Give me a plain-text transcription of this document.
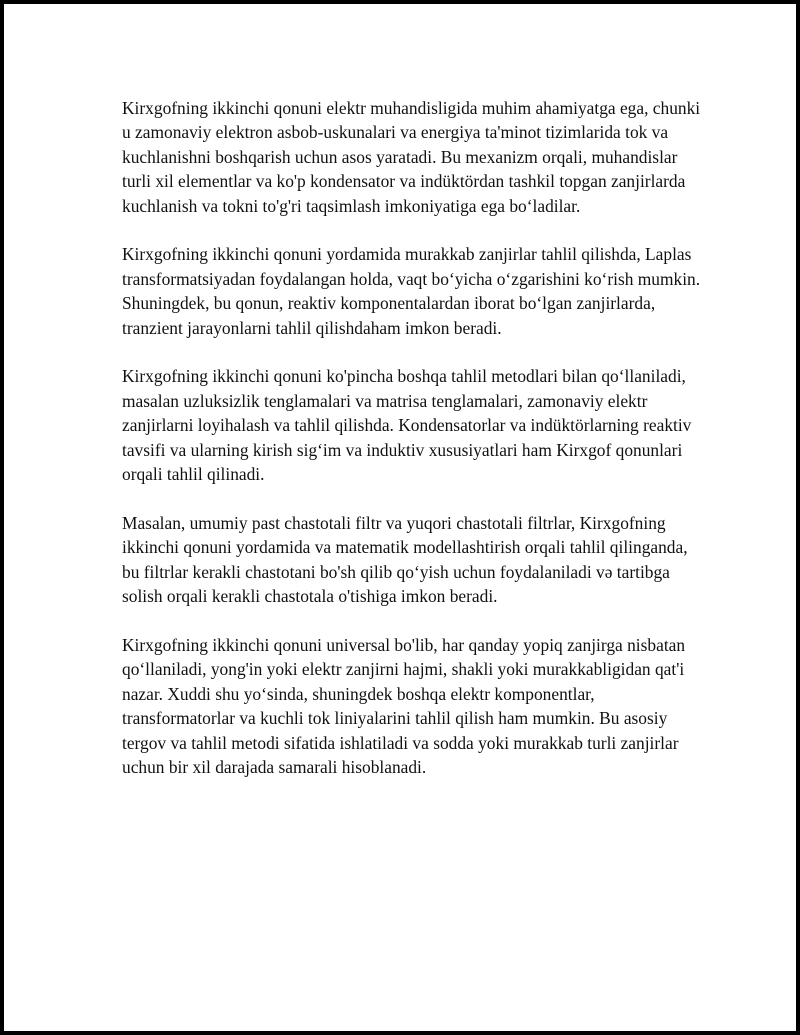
Kirxgofning ikkinchi qonuni elektr muhandisligida muhim ahamiyatga ega, chunki u zamonaviy elektron asbob-uskunalari va energiya ta'minot tizimlarida tok va kuchlanishni boshqarish uchun asos yaratadi. Bu mexanizm orqali, muhandislar turli xil elementlar va ko'p kondensator va indüktördan tashkil topgan zanjirlarda kuchlanish va tokni to'g'ri taqsimlash imkoniyatiga ega boʻladilar.

Kirxgofning ikkinchi qonuni yordamida murakkab zanjirlar tahlil qilishda, Laplas transformatsiyadan foydalangan holda, vaqt boʻyicha oʻzgarishini koʻrish mumkin. Shuningdek, bu qonun, reaktiv komponentalardan iborat boʻlgan zanjirlarda, tranzient jarayonlarni tahlil qilishdaham imkon beradi.

Kirxgofning ikkinchi qonuni ko'pincha boshqa tahlil metodlari bilan qoʻllaniladi, masalan uzluksizlik tenglamalari va matrisa tenglamalari, zamonaviy elektr zanjirlarni loyihalash va tahlil qilishda. Kondensatorlar va indüktörlarning reaktiv tavsifi va ularning kirish sigʻim va induktiv xususiyatlari ham Kirxgof qonunlari orqali tahlil qilinadi.

Masalan, umumiy past chastotali filtr va yuqori chastotali filtrlar, Kirxgofning ikkinchi qonuni yordamida va matematik modellashtirish orqali tahlil qilinganda, bu filtrlar kerakli chastotani bo'sh qilib qoʻyish uchun foydalaniladi və tartibga solish orqali kerakli chastotala o'tishiga imkon beradi.

Kirxgofning ikkinchi qonuni universal bo'lib, har qanday yopiq zanjirga nisbatan qoʻllaniladi, yong'in yoki elektr zanjirni hajmi, shakli yoki murakkabligidan qat'i nazar. Xuddi shu yoʻsinda, shuningdek boshqa elektr komponentlar, transformatorlar va kuchli tok liniyalarini tahlil qilish ham mumkin. Bu asosiy tergov va tahlil metodi sifatida ishlatiladi va sodda yoki murakkab turli zanjirlar uchun bir xil darajada samarali hisoblanadi.
